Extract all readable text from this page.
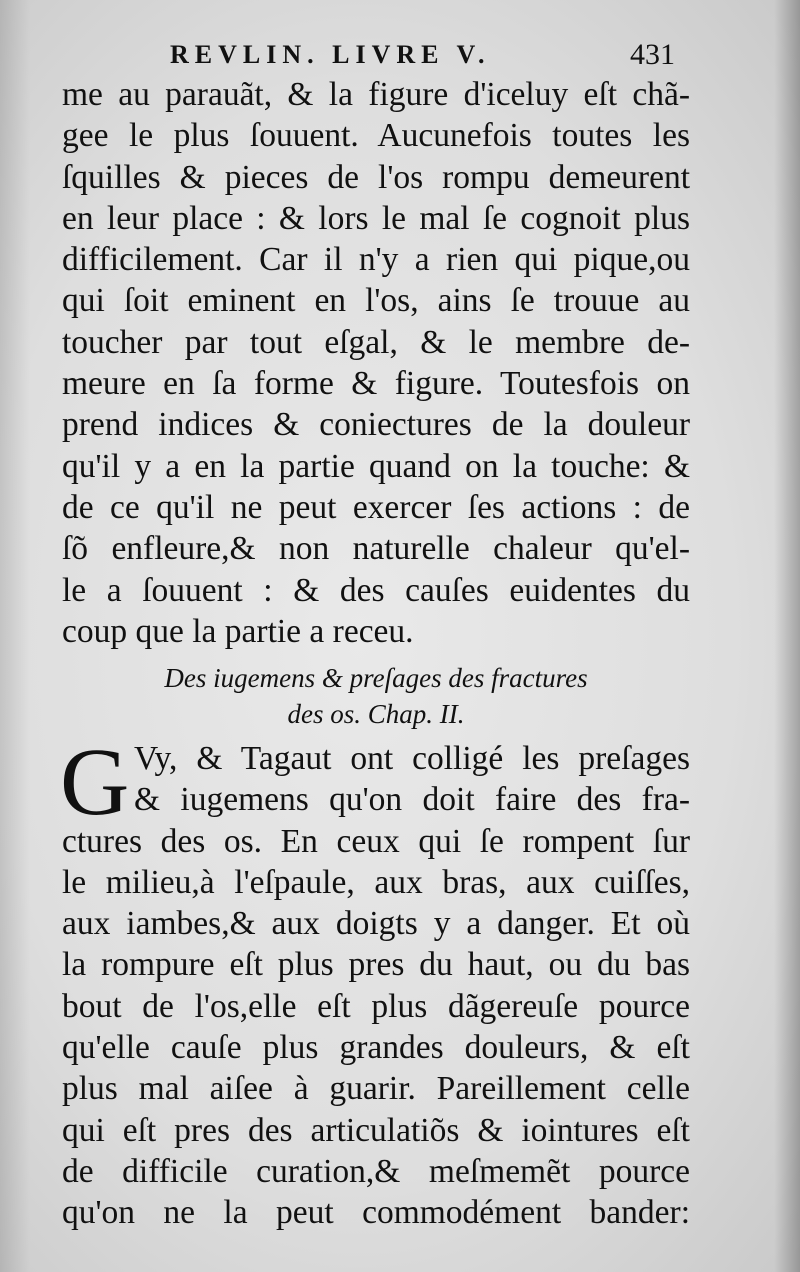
REVLIN. LIVRE V.	431
me au parauãt, & la figure d'iceluy eſt chã-
gee le plus ſouuent. Aucunefois toutes les
ſquilles & pieces de l'os rompu demeurent
en leur place : & lors le mal ſe cognoit plus
difficilement. Car il n'y a rien qui pique,ou
qui ſoit eminent en l'os, ains ſe trouue au
toucher par tout eſgal, & le membre de-
meure en ſa forme & figure. Toutesfois on
prend indices & coniectures de la douleur
qu'il y a en la partie quand on la touche: &
de ce qu'il ne peut exercer ſes actions : de
ſõ enfleure,& non naturelle chaleur qu'el-
le a ſouuent : & des cauſes euidentes du
coup que la partie a receu.
Des iugemens & preſages des fractures
des os. Chap. II.
G Vy, & Tagaut ont colligé les preſages
& iugemens qu'on doit faire des fra-
ctures des os. En ceux qui ſe rompent ſur
le milieu,à l'eſpaule, aux bras, aux cuiſſes,
aux iambes,& aux doigts y a danger. Et où
la rompure eſt plus pres du haut, ou du bas
bout de l'os,elle eſt plus dãgereuſe pource
qu'elle cauſe plus grandes douleurs, & eſt
plus mal aiſee à guarir. Pareillement celle
qui eſt pres des articulatiõs & iointures eſt
de difficile curation,& meſmemẽt pource
qu'on ne la peut commodément bander:
